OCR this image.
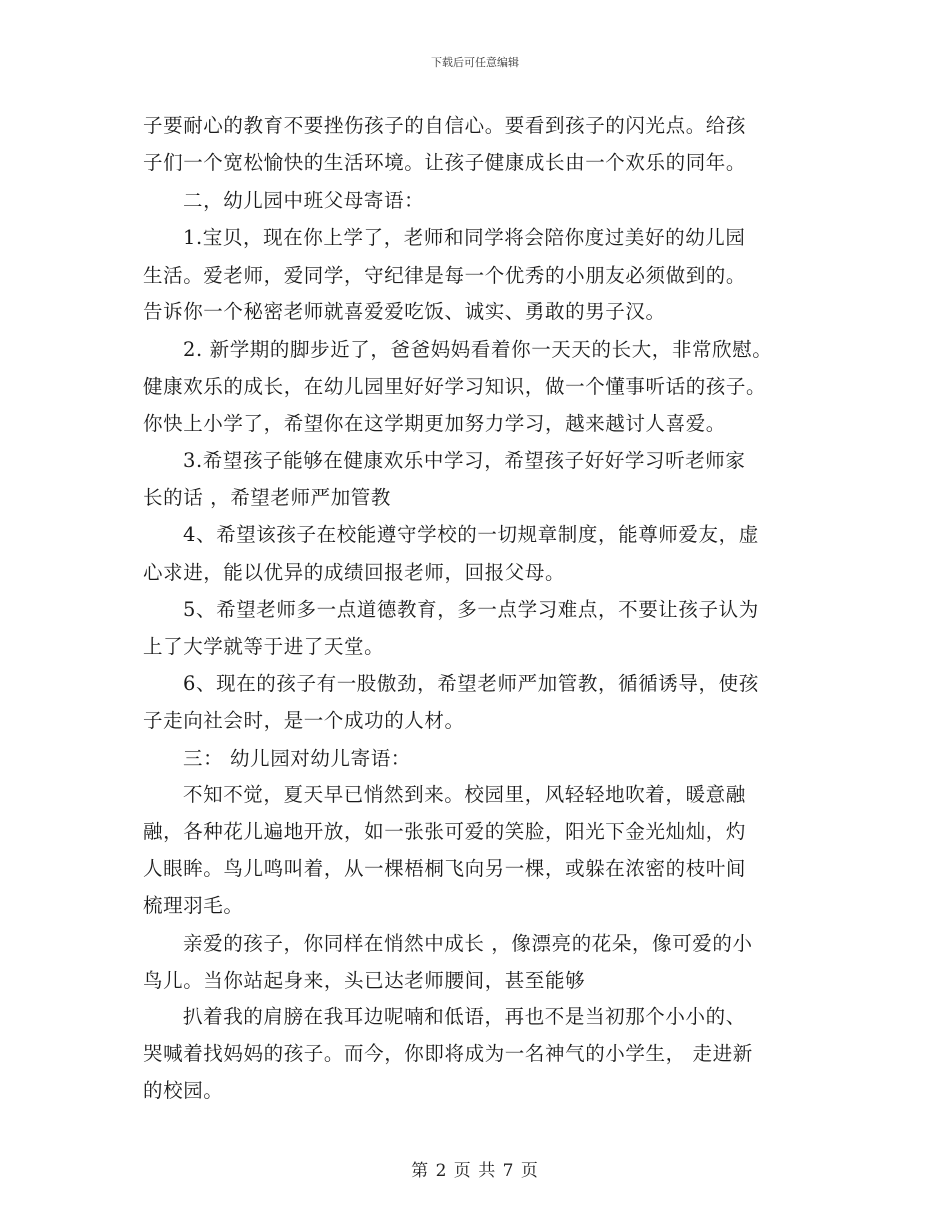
下载后可任意编辑
子要耐心的教育不要挫伤孩子的自信心。要看到孩子的闪光点。给孩
子们一个宽松愉快的生活环境。让孩子健康成长由一个欢乐的同年。
二，幼儿园中班父母寄语：
1.宝贝，现在你上学了，老师和同学将会陪你度过美好的幼儿园
生活。爱老师，爱同学，守纪律是每一个优秀的小朋友必须做到的。
告诉你一个秘密老师就喜爱爱吃饭、诚实、勇敢的男子汉。
2. 新学期的脚步近了，爸爸妈妈看着你一天天的长大，非常欣慰。
健康欢乐的成长，在幼儿园里好好学习知识，做一个懂事听话的孩子。
你快上小学了，希望你在这学期更加努力学习，越来越讨人喜爱。
3.希望孩子能够在健康欢乐中学习，希望孩子好好学习听老师家
长的话 ，希望老师严加管教
4、希望该孩子在校能遵守学校的一切规章制度，能尊师爱友，虚
心求进，能以优异的成绩回报老师，回报父母。
5、希望老师多一点道德教育，多一点学习难点，不要让孩子认为
上了大学就等于进了天堂。
6、现在的孩子有一股傲劲，希望老师严加管教，循循诱导，使孩
子走向社会时，是一个成功的人材。
三： 幼儿园对幼儿寄语：
不知不觉，夏天早已悄然到来。校园里，风轻轻地吹着，暖意融
融，各种花儿遍地开放，如一张张可爱的笑脸，阳光下金光灿灿，灼
人眼眸。鸟儿鸣叫着，从一棵梧桐飞向另一棵，或躲在浓密的枝叶间
梳理羽毛。
亲爱的孩子，你同样在悄然中成长 ，像漂亮的花朵，像可爱的小
鸟儿。当你站起身来，头已达老师腰间，甚至能够
扒着我的肩膀在我耳边呢喃和低语，再也不是当初那个小小的、
哭喊着找妈妈的孩子。而今，你即将成为一名神气的小学生， 走进新
的校园。
第 2 页 共 7 页
